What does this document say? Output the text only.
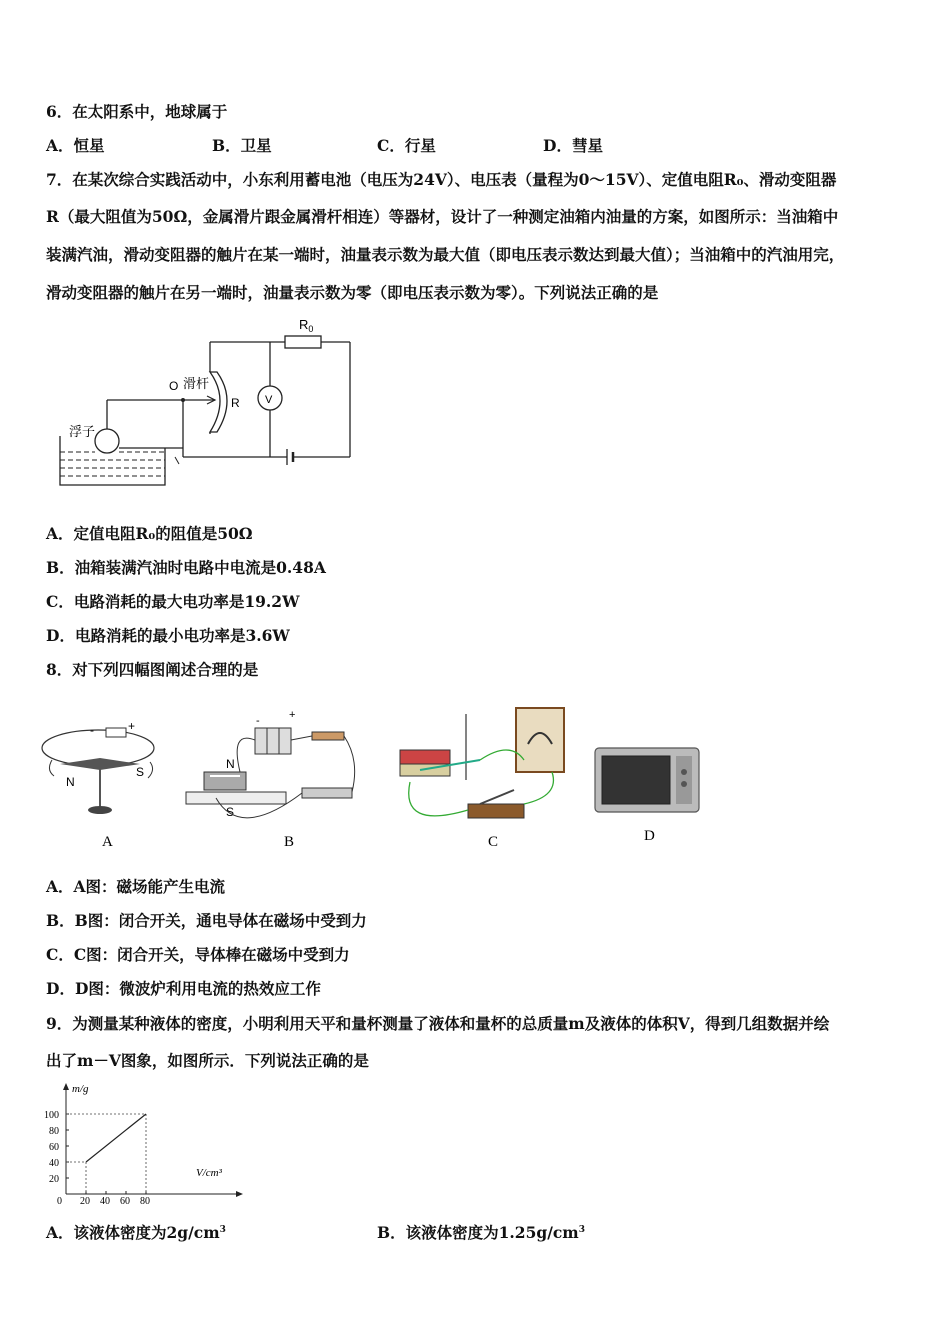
6．在太阳系中，地球属于
A．恒星	B．卫星	C．行星	D．彗星
7．在某次综合实践活动中，小东利用蓄电池（电压为24V）、电压表（量程为0～15V）、定值电阻R₀、滑动变阻器
R（最大阻值为50Ω，金属滑片跟金属滑杆相连）等器材，设计了一种测定油箱内油量的方案，如图所示：当油箱中
装满汽油，滑动变阻器的触片在某一端时，油量表示数为最大值（即电压表示数达到最大值）；当油箱中的汽油用完，
滑动变阻器的触片在另一端时，油量表示数为零（即电压表示数为零）。下列说法正确的是
$R_0$
V
R
O 滑杆
浮子
A．定值电阻R₀的阻值是50Ω
B．油箱装满汽油时电路中电流是0.48A
C．电路消耗的最大电功率是19.2W
D．电路消耗的最小电功率是3.6W
8．对下列四幅图阐述合理的是
-	+
N
S
A
-	+
N
S
B	C	D
A．A图：磁场能产生电流
B．B图：闭合开关，通电导体在磁场中受到力
C．C图：闭合开关，导体棒在磁场中受到力
D．D图：微波炉利用电流的热效应工作
9．为测量某种液体的密度，小明利用天平和量杯测量了液体和量杯的总质量m及液体的体积V，得到几组数据并绘
出了m－V图象，如图所示．下列说法正确的是
m/g
V/cm³
0 20 40 60 80
20
40
60
80
100
A．该液体密度为$2g/cm^3$	B．该液体密度为$1.25g/cm^3$
